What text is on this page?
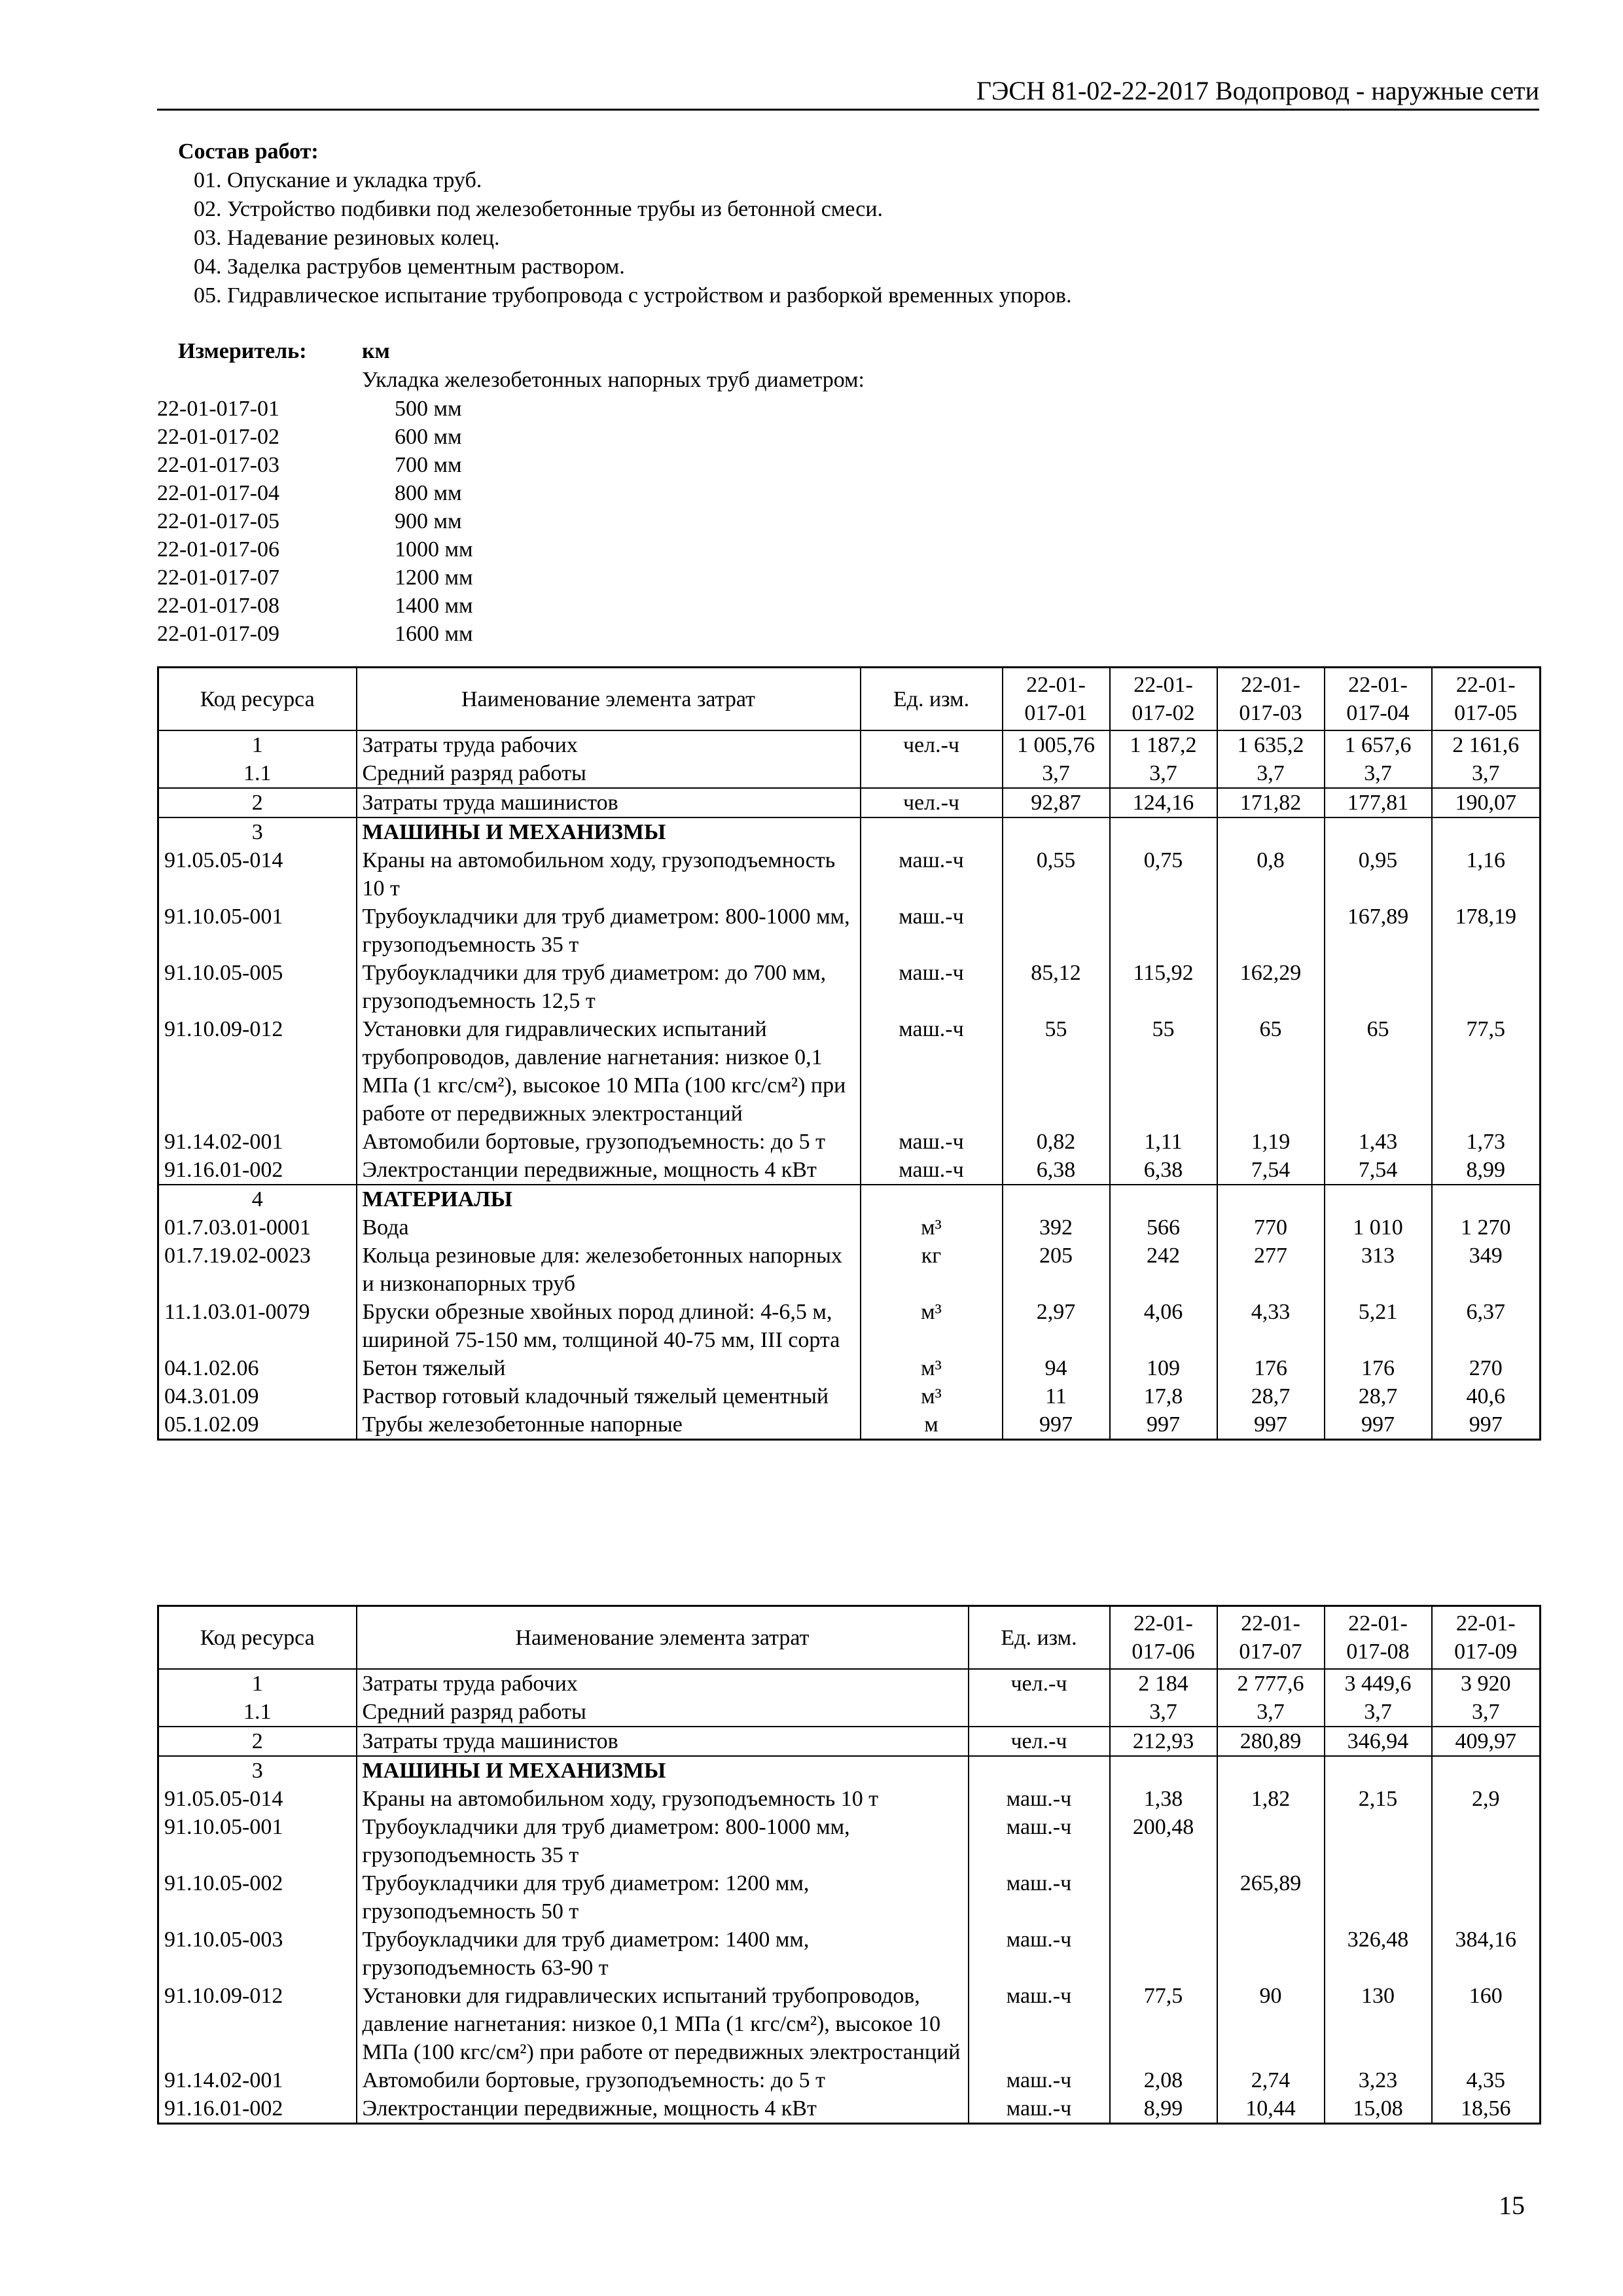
ГЭСН 81-02-22-2017 Водопровод - наружные сети
Состав работ:
01. Опускание и укладка труб.
02. Устройство подбивки под железобетонные трубы из бетонной смеси.
03. Надевание резиновых колец.
04. Заделка раструбов цементным раствором.
05. Гидравлическое испытание трубопровода с устройством и разборкой временных упоров.
Измеритель:	км
Укладка железобетонных напорных труб диаметром:
22-01-017-01	500 мм
22-01-017-02	600 мм
22-01-017-03	700 мм
22-01-017-04	800 мм
22-01-017-05	900 мм
22-01-017-06	1000 мм
22-01-017-07	1200 мм
22-01-017-08	1400 мм
22-01-017-09	1600 мм
Код ресурса	Наименование элемента затрат	Ед. изм.	22-01-017-01	22-01-017-02	22-01-017-03	22-01-017-04	22-01-017-05
1	Затраты труда рабочих	чел.-ч	1 005,76	1 187,2	1 635,2	1 657,6	2 161,6
1.1	Средний разряд работы		3,7	3,7	3,7	3,7	3,7
2	Затраты труда машинистов	чел.-ч	92,87	124,16	171,82	177,81	190,07
3	МАШИНЫ И МЕХАНИЗМЫ						
91.05.05-014	Краны на автомобильном ходу, грузоподъемность 10 т	маш.-ч	0,55	0,75	0,8	0,95	1,16
91.10.05-001	Трубоукладчики для труб диаметром: 800-1000 мм, грузоподъемность 35 т	маш.-ч				167,89	178,19
91.10.05-005	Трубоукладчики для труб диаметром: до 700 мм, грузоподъемность 12,5 т	маш.-ч	85,12	115,92	162,29		
91.10.09-012	Установки для гидравлических испытаний трубопроводов, давление нагнетания: низкое 0,1 МПа (1 кгс/см²), высокое 10 МПа (100 кгс/см²) при работе от передвижных электростанций	маш.-ч	55	55	65	65	77,5
91.14.02-001	Автомобили бортовые, грузоподъемность: до 5 т	маш.-ч	0,82	1,11	1,19	1,43	1,73
91.16.01-002	Электростанции передвижные, мощность 4 кВт	маш.-ч	6,38	6,38	7,54	7,54	8,99
4	МАТЕРИАЛЫ						
01.7.03.01-0001	Вода	м³	392	566	770	1 010	1 270
01.7.19.02-0023	Кольца резиновые для: железобетонных напорных и низконапорных труб	кг	205	242	277	313	349
11.1.03.01-0079	Бруски обрезные хвойных пород длиной: 4-6,5 м, шириной 75-150 мм, толщиной 40-75 мм, III сорта	м³	2,97	4,06	4,33	5,21	6,37
04.1.02.06	Бетон тяжелый	м³	94	109	176	176	270
04.3.01.09	Раствор готовый кладочный тяжелый цементный	м³	11	17,8	28,7	28,7	40,6
05.1.02.09	Трубы железобетонные напорные	м	997	997	997	997	997
Код ресурса	Наименование элемента затрат	Ед. изм.	22-01-017-06	22-01-017-07	22-01-017-08	22-01-017-09
1	Затраты труда рабочих	чел.-ч	2 184	2 777,6	3 449,6	3 920
1.1	Средний разряд работы		3,7	3,7	3,7	3,7
2	Затраты труда машинистов	чел.-ч	212,93	280,89	346,94	409,97
3	МАШИНЫ И МЕХАНИЗМЫ					
91.05.05-014	Краны на автомобильном ходу, грузоподъемность 10 т	маш.-ч	1,38	1,82	2,15	2,9
91.10.05-001	Трубоукладчики для труб диаметром: 800-1000 мм, грузоподъемность 35 т	маш.-ч	200,48			
91.10.05-002	Трубоукладчики для труб диаметром: 1200 мм, грузоподъемность 50 т	маш.-ч		265,89		
91.10.05-003	Трубоукладчики для труб диаметром: 1400 мм, грузоподъемность 63-90 т	маш.-ч			326,48	384,16
91.10.09-012	Установки для гидравлических испытаний трубопроводов, давление нагнетания: низкое 0,1 МПа (1 кгс/см²), высокое 10 МПа (100 кгс/см²) при работе от передвижных электростанций	маш.-ч	77,5	90	130	160
91.14.02-001	Автомобили бортовые, грузоподъемность: до 5 т	маш.-ч	2,08	2,74	3,23	4,35
91.16.01-002	Электростанции передвижные, мощность 4 кВт	маш.-ч	8,99	10,44	15,08	18,56
15
